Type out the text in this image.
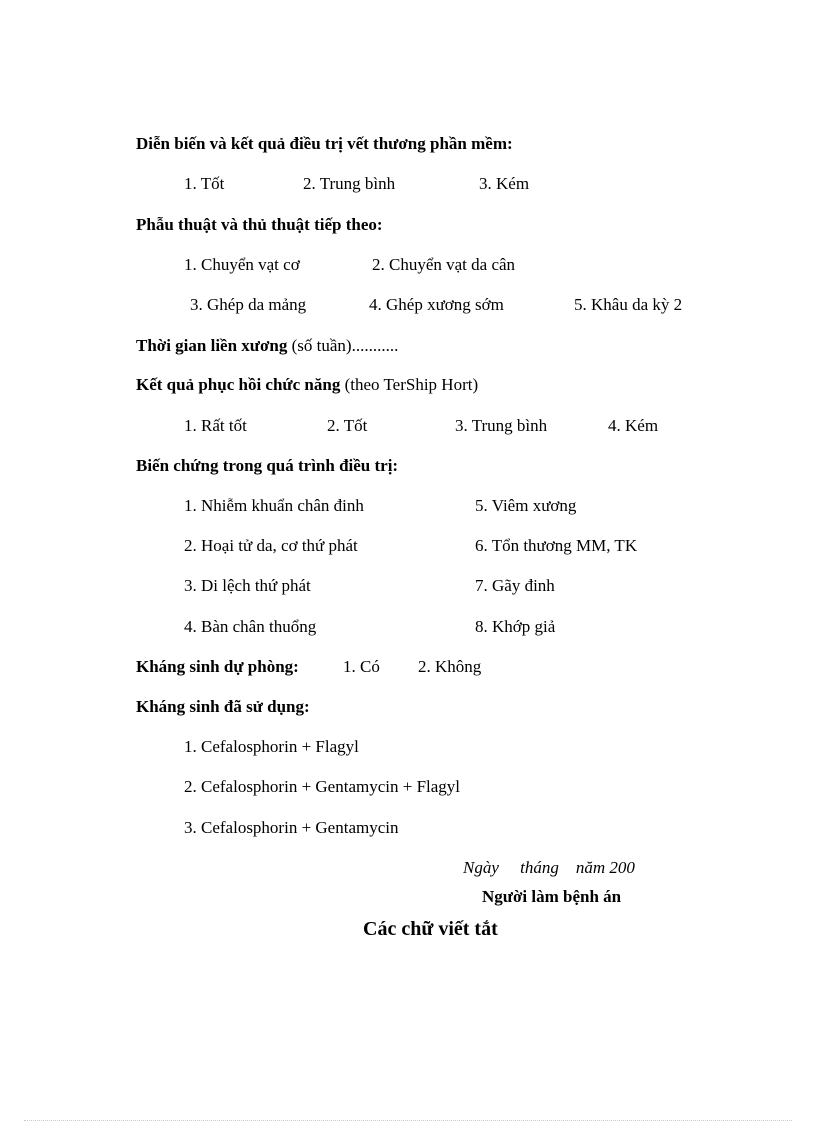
Diễn biến và kết quả điều trị vết thương phần mềm:
1. Tốt	2. Trung bình	3. Kém
Phẫu thuật và thủ thuật tiếp theo:
1. Chuyển vạt cơ	2. Chuyển vạt da cân
3. Ghép da mảng	4. Ghép xương sớm	5. Khâu da kỳ 2
Thời gian liền xương (số tuần)...........
Kết quả phục hồi chức năng (theo TerShip Hort)
1. Rất tốt	2. Tốt	3. Trung bình	4. Kém
Biến chứng trong quá trình điều trị:
1. Nhiễm khuẩn chân đinh	5. Viêm xương
2. Hoại tử da, cơ thứ phát	6. Tổn thương MM, TK
3. Di lệch thứ phát	7. Gãy đinh
4. Bàn chân thuổng	8. Khớp giả
Kháng sinh dự phòng:	1. Có 2. Không
Kháng sinh đã sử dụng:
1. Cefalosphorin + Flagyl
2. Cefalosphorin + Gentamycin + Flagyl
3. Cefalosphorin + Gentamycin
Ngày     tháng    năm 200
Người làm bệnh án
Các chữ viết tắt
